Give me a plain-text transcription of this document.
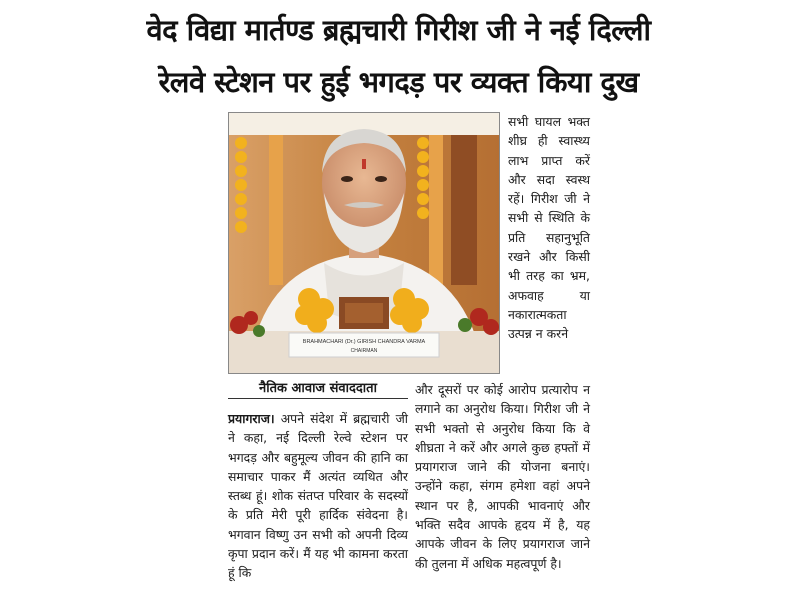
वेद विद्या मार्तण्ड ब्रह्मचारी गिरीश जी ने नई दिल्ली
रेलवे स्टेशन पर हुई भगदड़ पर व्यक्त किया दुख
BRAHMACHARI (Dr.) GIRISH CHANDRA VARMA
CHAIRMAN

सभी घायल भक्त शीघ्र ही स्वास्थ्य लाभ प्राप्त करें और सदा स्वस्थ रहें। गिरीश जी ने सभी से स्थिति के प्रति सहानुभूति रखने और किसी भी तरह का भ्रम, अफवाह या नकारात्मकता उत्पन्न न करने

नैतिक आवाज संवाददाता

प्रयागराज। अपने संदेश में ब्रह्मचारी जी ने कहा, नई दिल्ली रेल्वे स्टेशन पर भगदड़ और बहुमूल्य जीवन की हानि का समाचार पाकर मैं अत्यंत व्यथित और स्तब्ध हूं। शोक संतप्त परिवार के सदस्यों के प्रति मेरी पूरी हार्दिक संवेदना है। भगवान विष्णु उन सभी को अपनी दिव्य कृपा प्रदान करें। मैं यह भी कामना करता हूं कि

और दूसरों पर कोई आरोप प्रत्यारोप न लगाने का अनुरोध किया। गिरीश जी ने सभी भक्तो से अनुरोध किया कि वे शीघ्रता ने करें और अगले कुछ हफ्तों में प्रयागराज जाने की योजना बनाएं। उन्होंने कहा, संगम हमेशा वहां अपने स्थान पर है, आपकी भावनाएं और भक्ति सदैव आपके हृदय में है, यह आपके जीवन के लिए प्रयागराज जाने की तुलना में अधिक महत्वपूर्ण है।
